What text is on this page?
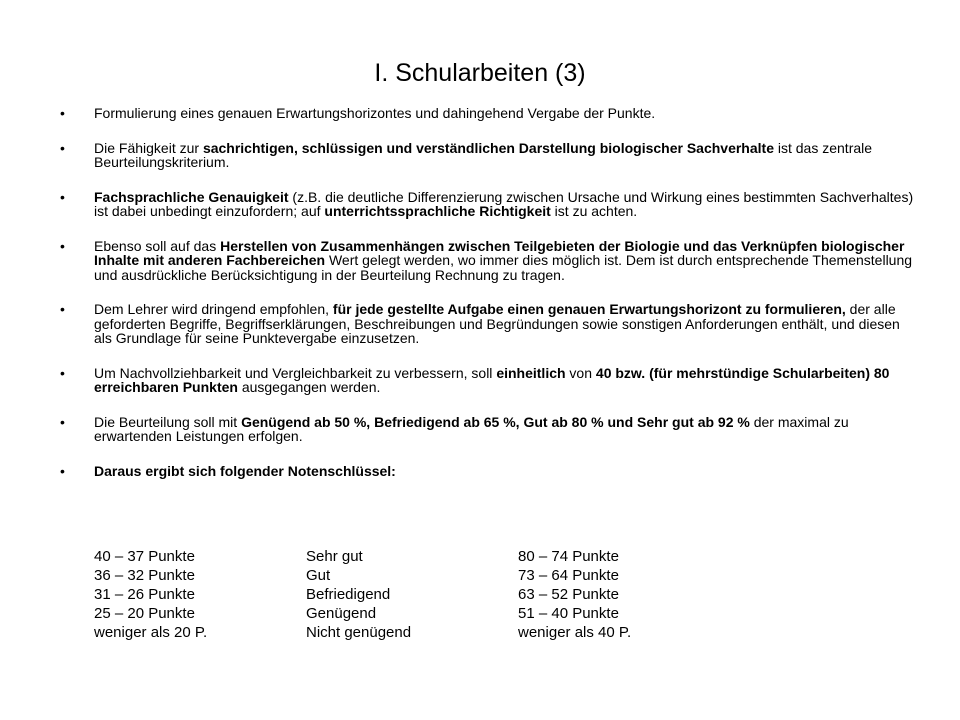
I. Schularbeiten (3)
• Formulierung eines genauen Erwartungshorizontes und dahingehend Vergabe der Punkte.
• Die Fähigkeit zur sachrichtigen, schlüssigen und verständlichen Darstellung biologischer Sachverhalte ist das zentrale Beurteilungskriterium.
• Fachsprachliche Genauigkeit (z.B. die deutliche Differenzierung zwischen Ursache und Wirkung eines bestimmten Sachverhaltes) ist dabei unbedingt einzufordern; auf unterrichtssprachliche Richtigkeit ist zu achten.
• Ebenso soll auf das Herstellen von Zusammenhängen zwischen Teilgebieten der Biologie und das Verknüpfen biologischer Inhalte mit anderen Fachbereichen Wert gelegt werden, wo immer dies möglich ist. Dem ist durch entsprechende Themenstellung und ausdrückliche Berücksichtigung in der Beurteilung Rechnung zu tragen.
• Dem Lehrer wird dringend empfohlen, für jede gestellte Aufgabe einen genauen Erwartungshorizont zu formulieren, der alle geforderten Begriffe, Begriffserklärungen, Beschreibungen und Begründungen sowie sonstigen Anforderungen enthält, und diesen als Grundlage für seine Punktevergabe einzusetzen.
• Um Nachvollziehbarkeit und Vergleichbarkeit zu verbessern, soll einheitlich von 40 bzw. (für mehrstündige Schularbeiten) 80 erreichbaren Punkten ausgegangen werden.
• Die Beurteilung soll mit Genügend ab 50 %, Befriedigend ab 65 %, Gut ab 80 % und Sehr gut ab 92 % der maximal zu erwartenden Leistungen erfolgen.
• Daraus ergibt sich folgender Notenschlüssel:
40 – 37 Punkte	Sehr gut	80 – 74 Punkte
36 – 32 Punkte	Gut	73 – 64 Punkte
31 – 26 Punkte	Befriedigend	63 – 52 Punkte
25 – 20 Punkte	Genügend	51 – 40 Punkte
weniger als 20 P.	Nicht genügend	weniger als 40 P.
